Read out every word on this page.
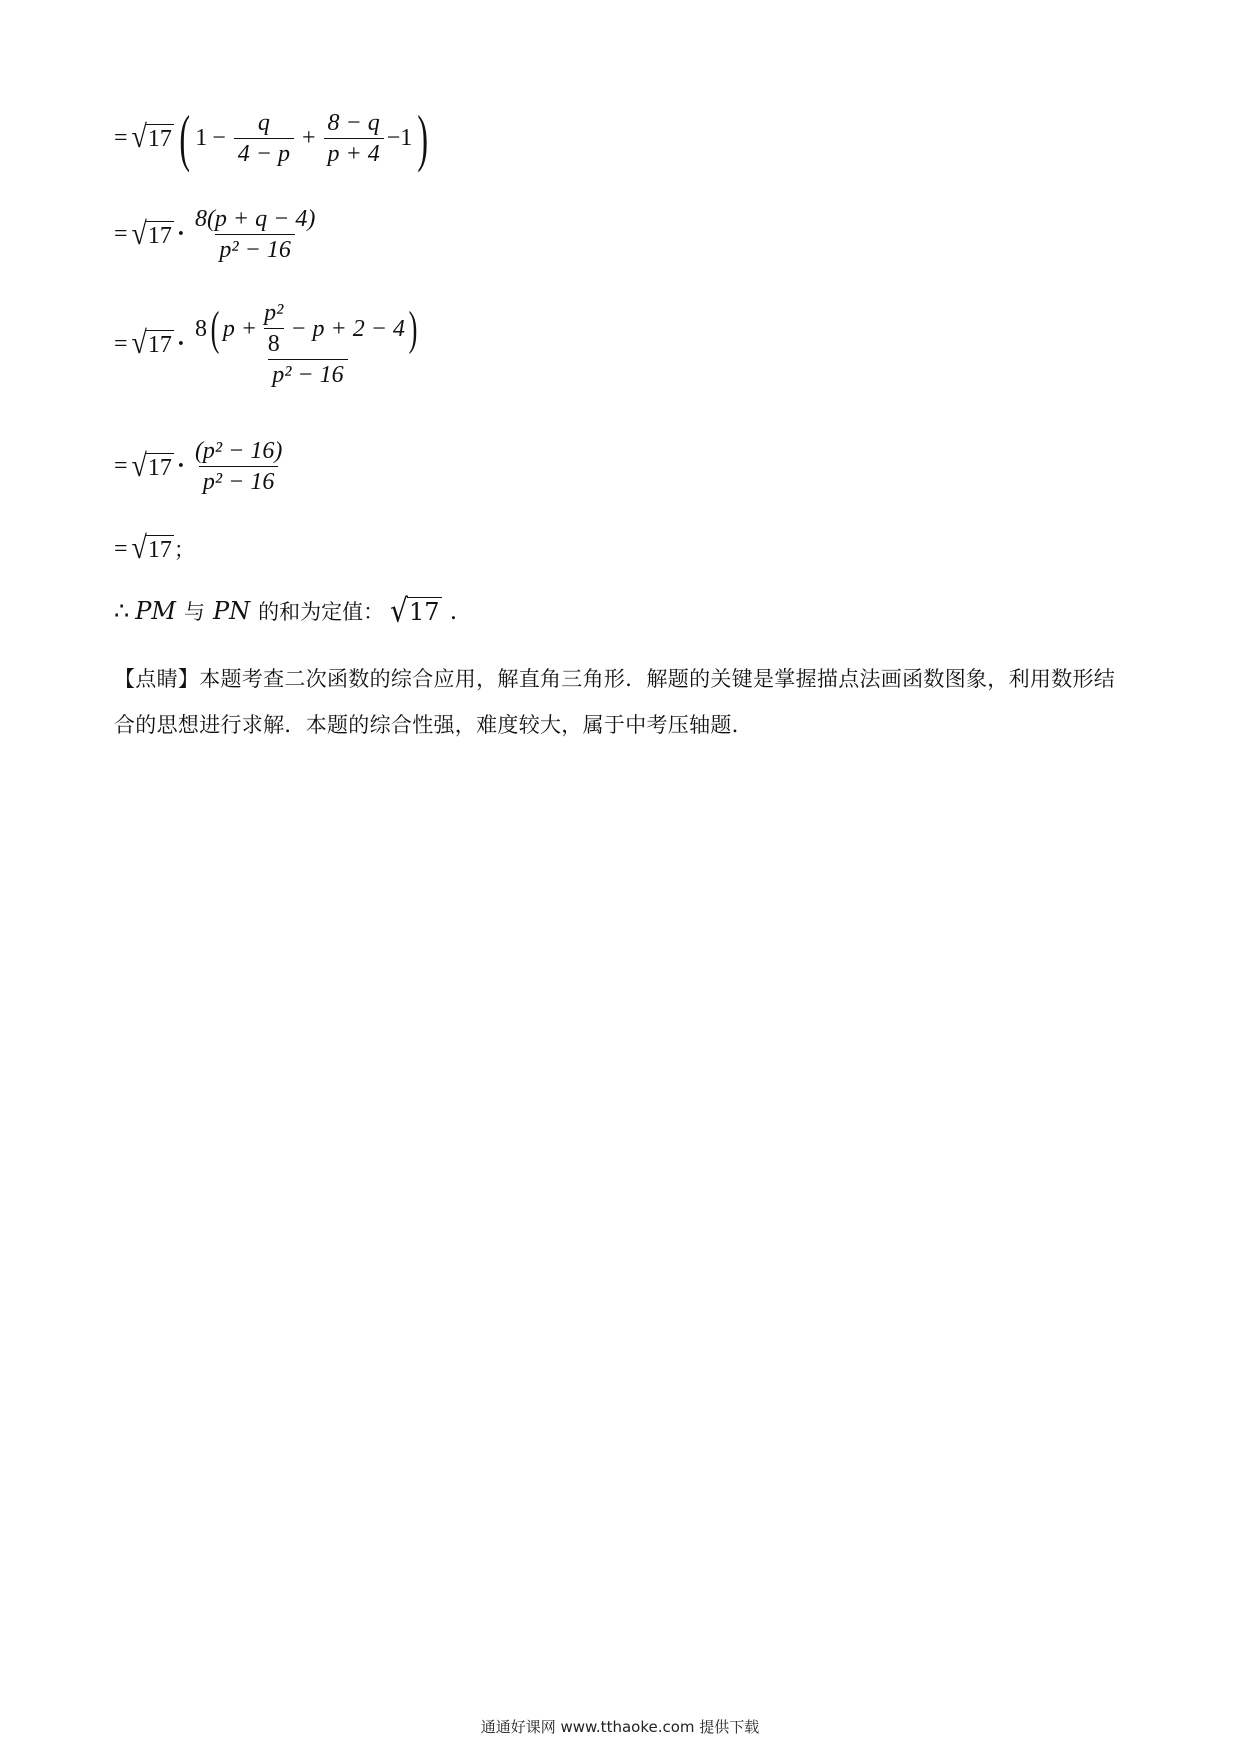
= √ 17 ( $1 - \frac{q}{4 - p} + \frac{8 - q}{p + 4} -1$ )
= √ $17 \cdot \frac{8(p + q - 4)}{\text{p² − 16}}$
= √ 17 ·
8 ( $p + \frac{\text{p²}}{8} - p + 2 - 4$ )
p² − 16
= √ $17 \cdot \frac{\text{(p² − 16)}}{\text{p² − 16}}$
= √ 17 ；
∴ PM 与 PN 的和为定值： √ 17 .
【点睛】本题考查二次函数的综合应用，解直角三角形．解题的关键是掌握描点法画函数图象，利用数形结合的思想进行求解．本题的综合性强，难度较大，属于中考压轴题．
通通好课网 www.tthaoke.com 提供下载
